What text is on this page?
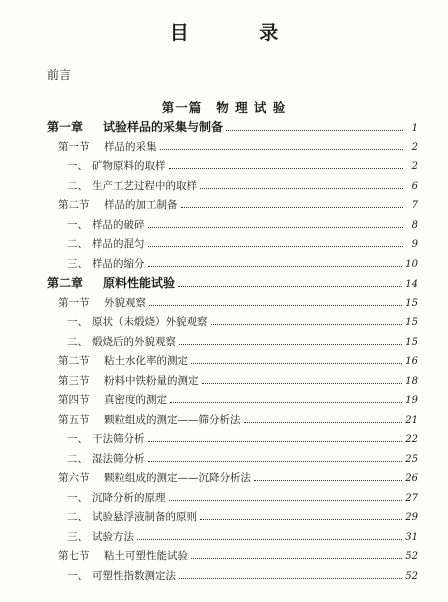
目 录
前言
第一篇 物 理 试 验
第一章 试验样品的采集与制备	1
第一节 样品的采集	2
一、 矿物原料的取样	2
二、 生产工艺过程中的取样	6
第二节 样品的加工制备	7
一、 样品的破碎	8
二、 样品的混匀	9
三、 样品的缩分	10
第二章 原料性能试验	14
第一节 外貌观察	15
一、 原状（未煅烧）外貌观察	15
二、 煅烧后的外貌观察	15
第二节 粘土水化率的测定	16
第三节 粉料中铁粉量的测定	18
第四节 真密度的测定	19
第五节 颗粒组成的测定——筛分析法	21
一、 干法筛分析	22
二、 湿法筛分析	25
第六节 颗粒组成的测定——沉降分析法	26
一、 沉降分析的原理	27
二、 试验悬浮液制备的原则	29
三、 试验方法	31
第七节 粘土可塑性能试验	52
一、 可塑性指数测定法	52
